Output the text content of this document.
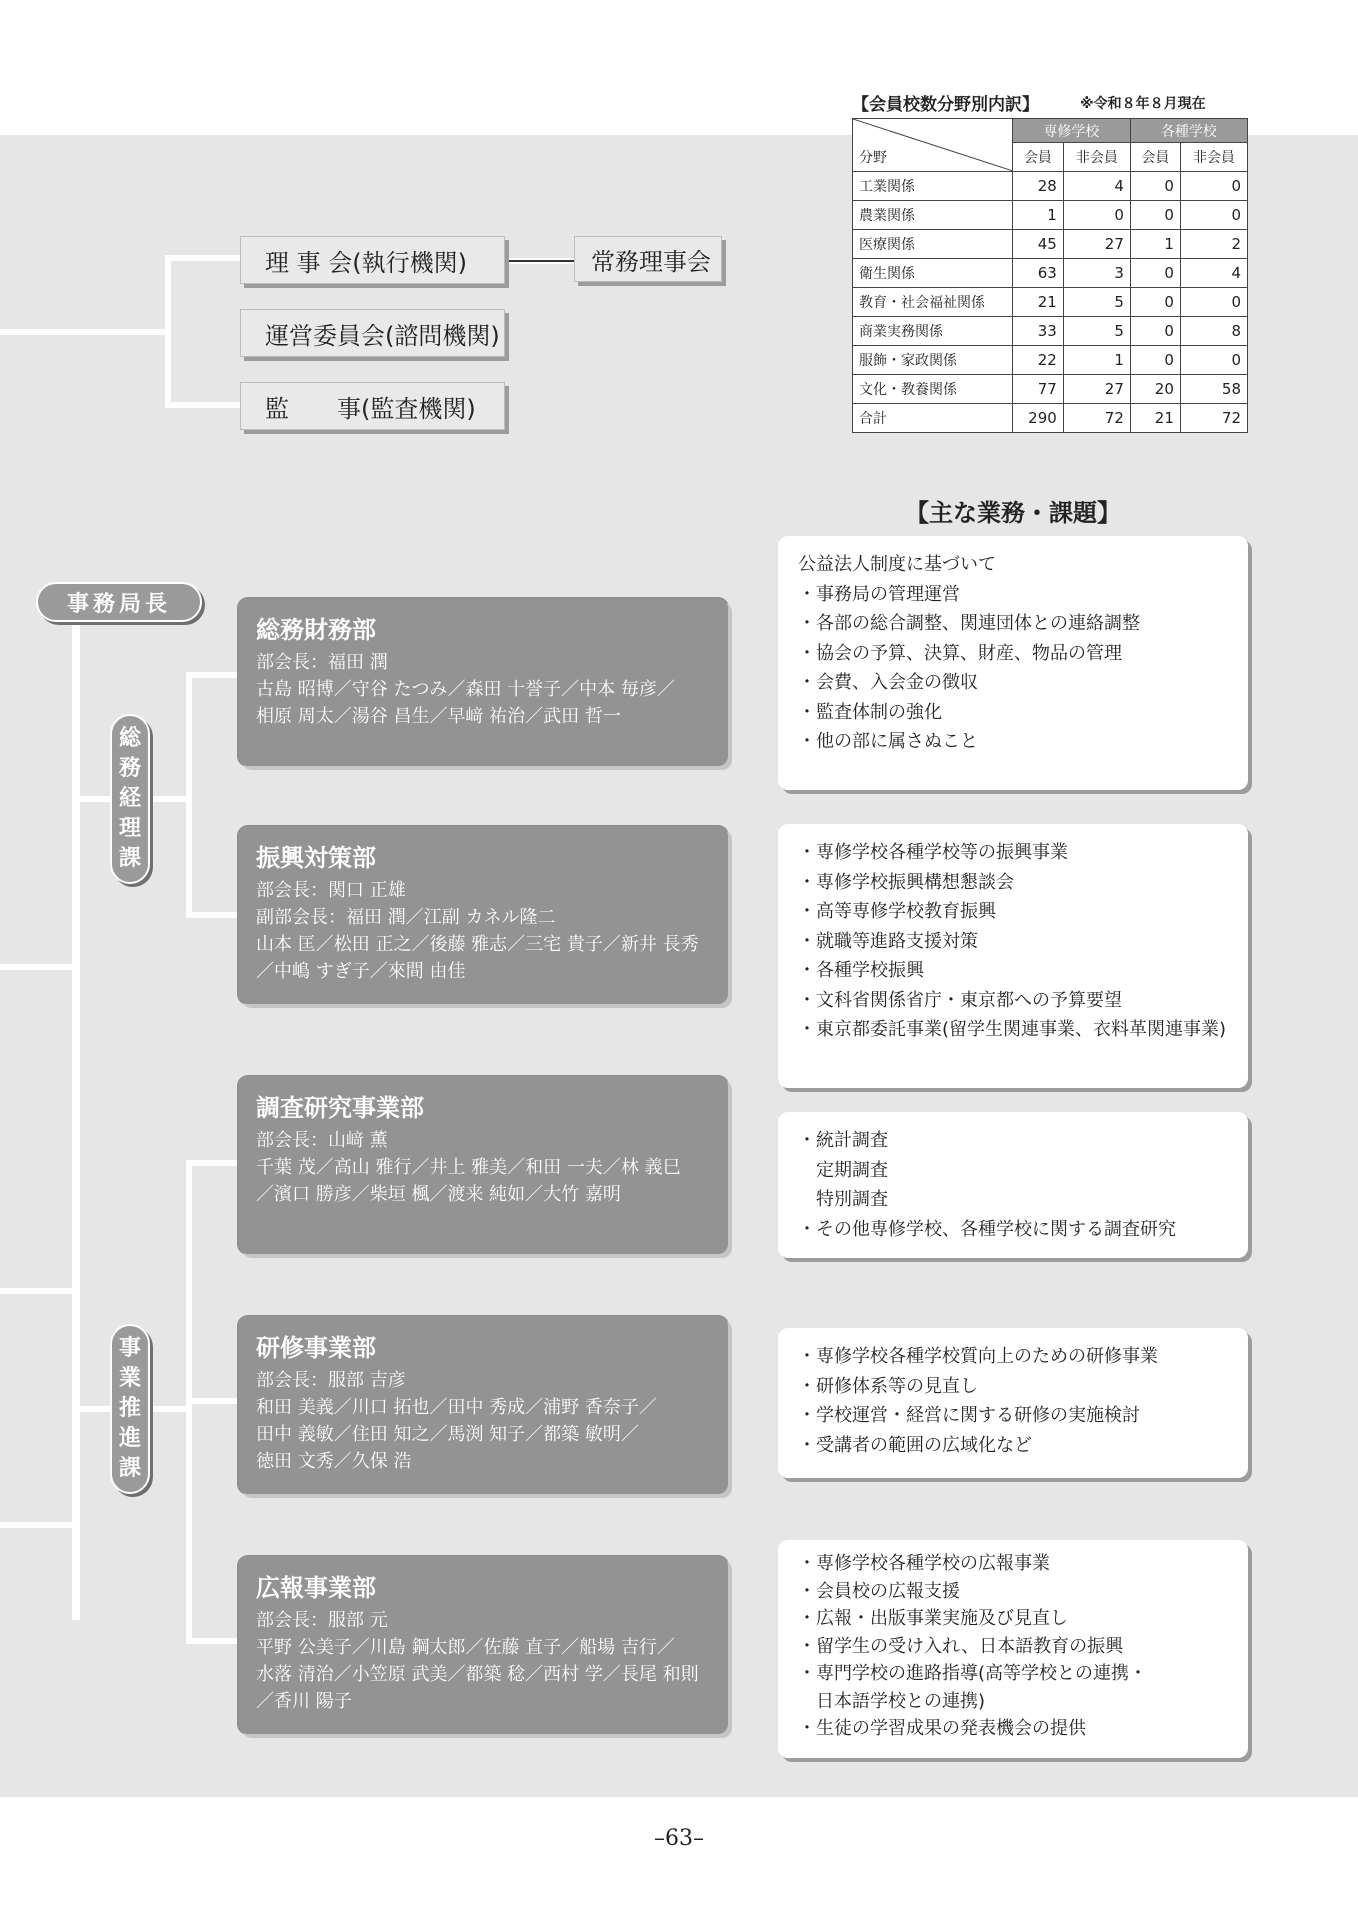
理 事 会(執行機関)	常務理事会
運営委員会(諮問機関)
監　　事(監査機関)
【会員校数分野別内訳】	※令和８年８月現在
分野	専修学校		各種学校	
	会員	非会員	会員	非会員
工業関係	28	4	0	0
農業関係	1	0	0	0
医療関係	45	27	1	2
衛生関係	63	3	0	4
教育・社会福祉関係	21	5	0	0
商業実務関係	33	5	0	8
服飾・家政関係	22	1	0	0
文化・教養関係	77	27	20	58
合計	290	72	21	72
【主な業務・課題】
事務局長
総
務
経
理
課
事
業
推
進
課
総務財務部
部会長：福田 潤
古島 昭博／守谷 たつみ／森田 十誉子／中本 毎彦／
相原 周太／湯谷 昌生／早﨑 祐治／武田 哲一
振興対策部
部会長：関口 正雄
副部会長：福田 潤／江副 カネル隆二
山本 匡／松田 正之／後藤 雅志／三宅 貴子／新井 長秀
／中嶋 すぎ子／來間 由佳
調査研究事業部
部会長：山﨑 薫
千葉 茂／高山 雅行／井上 雅美／和田 一夫／林 義巳
／濱口 勝彦／柴垣 楓／渡来 純如／大竹 嘉明
研修事業部
部会長：服部 吉彦
和田 美義／川口 拓也／田中 秀成／浦野 香奈子／
田中 義敏／住田 知之／馬渕 知子／都築 敏明／
徳田 文秀／久保 浩
広報事業部
部会長：服部 元
平野 公美子／川島 鋼太郎／佐藤 直子／船場 吉行／
水落 清治／小笠原 武美／都築 稔／西村 学／長尾 和則
／香川 陽子
公益法人制度に基づいて
・事務局の管理運営
・各部の総合調整、関連団体との連絡調整
・協会の予算、決算、財産、物品の管理
・会費、入会金の徴収
・監査体制の強化
・他の部に属さぬこと
・専修学校各種学校等の振興事業
・専修学校振興構想懇談会
・高等専修学校教育振興
・就職等進路支援対策
・各種学校振興
・文科省関係省庁・東京都への予算要望
・東京都委託事業(留学生関連事業、衣料革関連事業)
・統計調査
　定期調査
　特別調査
・その他専修学校、各種学校に関する調査研究
・専修学校各種学校質向上のための研修事業
・研修体系等の見直し
・学校運営・経営に関する研修の実施検討
・受講者の範囲の広域化など
・専修学校各種学校の広報事業
・会員校の広報支援
・広報・出版事業実施及び見直し
・留学生の受け入れ、日本語教育の振興
・専門学校の進路指導(高等学校との連携・
　日本語学校との連携)
・生徒の学習成果の発表機会の提供
–63–
